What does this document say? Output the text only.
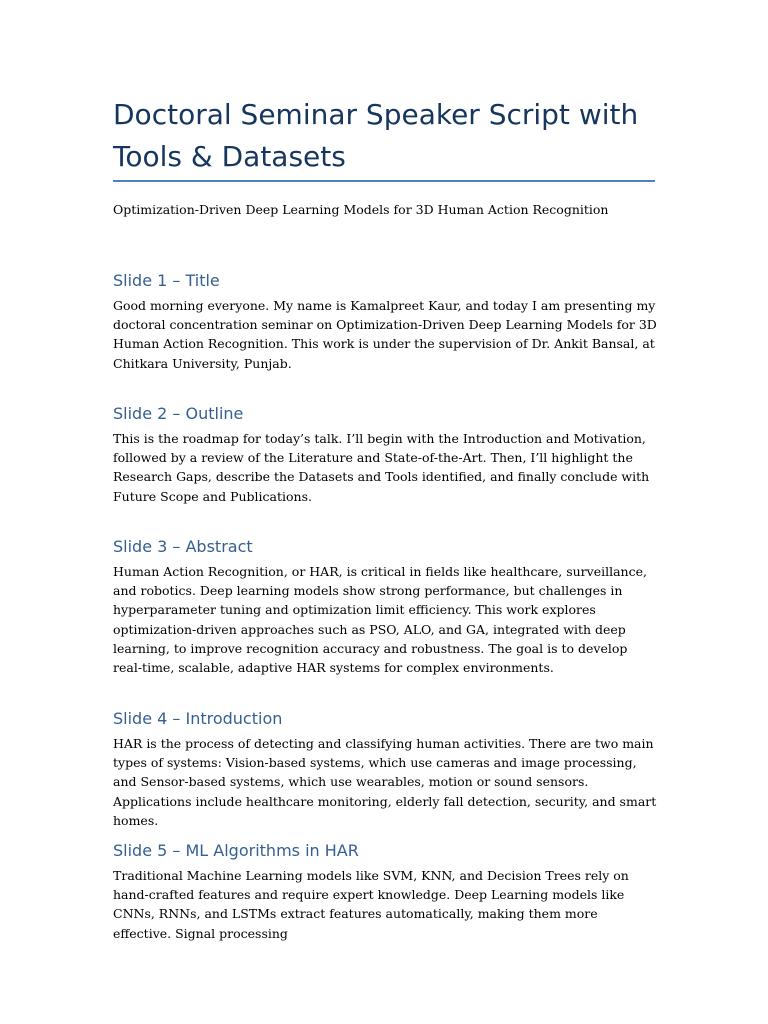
Doctoral Seminar Speaker Script with Tools & Datasets

Optimization-Driven Deep Learning Models for 3D Human Action Recognition

Slide 1 – Title

Good morning everyone. My name is Kamalpreet Kaur, and today I am presenting my doctoral concentration seminar on Optimization-Driven Deep Learning Models for 3D Human Action Recognition. This work is under the supervision of Dr. Ankit Bansal, at Chitkara University, Punjab.

Slide 2 – Outline

This is the roadmap for today’s talk. I’ll begin with the Introduction and Motivation, followed by a review of the Literature and State-of-the-Art. Then, I’ll highlight the Research Gaps, describe the Datasets and Tools identified, and finally conclude with Future Scope and Publications.

Slide 3 – Abstract

Human Action Recognition, or HAR, is critical in fields like healthcare, surveillance, and robotics. Deep learning models show strong performance, but challenges in hyperparameter tuning and optimization limit efficiency. This work explores optimization-driven approaches such as PSO, ALO, and GA, integrated with deep learning, to improve recognition accuracy and robustness. The goal is to develop real-time, scalable, adaptive HAR systems for complex environments.

Slide 4 – Introduction

HAR is the process of detecting and classifying human activities. There are two main types of systems: Vision-based systems, which use cameras and image processing, and Sensor-based systems, which use wearables, motion or sound sensors. Applications include healthcare monitoring, elderly fall detection, security, and smart homes.

Slide 5 – ML Algorithms in HAR

Traditional Machine Learning models like SVM, KNN, and Decision Trees rely on hand-crafted features and require expert knowledge. Deep Learning models like CNNs, RNNs, and LSTMs extract features automatically, making them more effective. Signal processing
